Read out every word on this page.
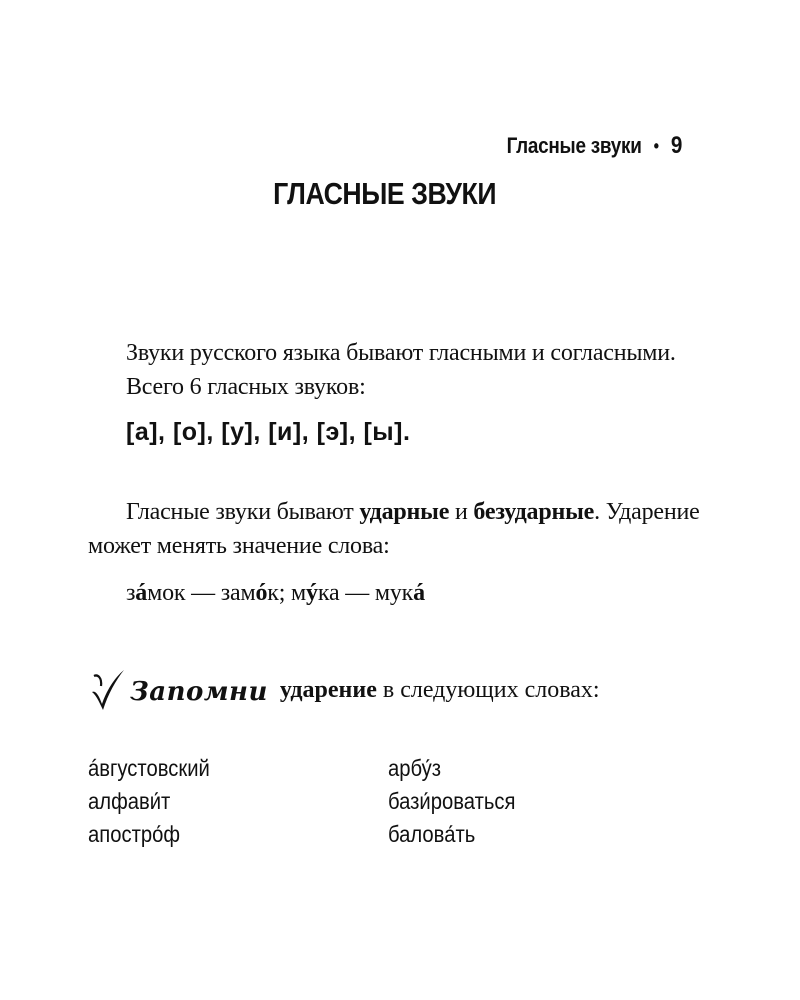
Гласные звуки • 9
ГЛАСНЫЕ ЗВУКИ
Звуки русского языка бывают гласными и согласными.
Всего 6 гласных звуков:
[а], [о], [у], [и], [э], [ы].
Гласные звуки бывают ударные и безударные. Ударение
может менять значение слова:
зáмок — замóк; мýка — мукá
Запомни ударение в следующих словах:
áвгустовский	арбу́з
алфави́т	бази́роваться
апостро́ф	балова́ть
